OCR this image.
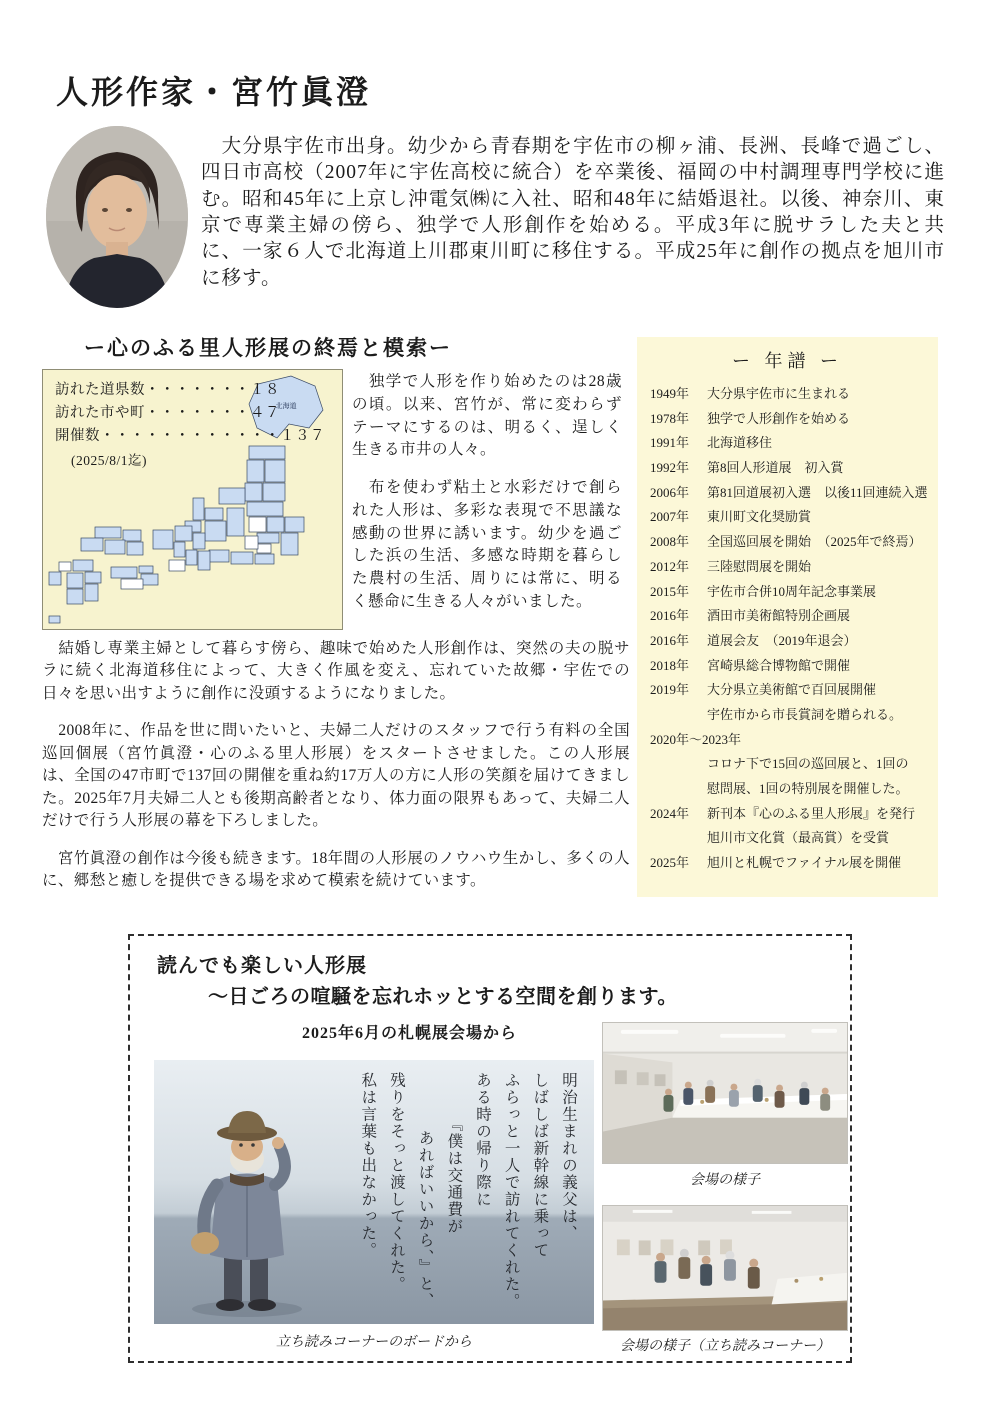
人形作家・宮竹眞澄

　大分県宇佐市出身。幼少から青春期を宇佐市の柳ヶ浦、長洲、長峰で過ごし、四日市高校（2007年に宇佐高校に統合）を卒業後、福岡の中村調理専門学校に進む。昭和45年に上京し沖電気㈱に入社、昭和48年に結婚退社。以後、神奈川、東京で専業主婦の傍ら、独学で人形創作を始める。平成3年に脱サラした夫と共に、一家６人で北海道上川郡東川町に移住する。平成25年に創作の拠点を旭川市に移す。

ー心のふる里人形展の終焉と模索ー
北海道
訪れた道県数・・・・・・・１８
訪れた市や町・・・・・・・４７
開催数・・・・・・・・・・・・１３７
(2025/8/1迄)

　独学で人形を作り始めたのは28歳の頃。以来、宮竹が、常に変わらずテーマにするのは、明るく、逞しく生きる市井の人々。

　布を使わず粘土と水彩だけで創られた人形は、多彩な表現で不思議な感動の世界に誘います。幼少を過ごした浜の生活、多感な時期を暮らした農村の生活、周りには常に、明るく懸命に生きる人々がいました。

ー 年譜 ー
1949年	大分県宇佐市に生まれる
1978年	独学で人形創作を始める
1991年	北海道移住
1992年	第8回人形道展　初入賞
2006年	第81回道展初入選　以後11回連続入選
2007年	東川町文化奨励賞
2008年	全国巡回展を開始　（2025年で終焉）
2012年	三陸慰問展を開始
2015年	宇佐市合併10周年記念事業展
2016年	酒田市美術館特別企画展
2016年	道展会友　（2019年退会）
2018年	宮崎県総合博物館で開催
2019年	大分県立美術館で百回展開催
宇佐市から市長賞詞を贈られる。
2020年～2023年
コロナ下で15回の巡回展と、1回の
慰問展、1回の特別展を開催した。
2024年	新刊本『心のふる里人形展』を発行
旭川市文化賞（最高賞）を受賞
2025年	旭川と札幌でファイナル展を開催

　結婚し専業主婦として暮らす傍ら、趣味で始めた人形創作は、突然の夫の脱サラに続く北海道移住によって、大きく作風を変え、忘れていた故郷・宇佐での日々を思い出すように創作に没頭するようになりました。

　2008年に、作品を世に問いたいと、夫婦二人だけのスタッフで行う有料の全国巡回個展（宮竹眞澄・心のふる里人形展）をスタートさせました。この人形展は、全国の47市町で137回の開催を重ね約17万人の方に人形の笑顔を届けてきました。2025年7月夫婦二人とも後期高齢者となり、体力面の限界もあって、夫婦二人だけで行う人形展の幕を下ろしました。

　宮竹眞澄の創作は今後も続きます。18年間の人形展のノウハウ生かし、多くの人に、郷愁と癒しを提供できる場を求めて模索を続けています。

読んでも楽しい人形展
～日ごろの喧騒を忘れホッとする空間を創ります。
2025年6月の札幌展会場から
明治生まれの義父は、
しばしば新幹線に乗って
ふらっと一人で訪れてくれた。
ある時の帰り際に
『僕は交通費が
あればいいから、』と、
残りをそっと渡してくれた。
私は言葉も出なかった。
立ち読みコーナーのボードから
会場の様子
会場の様子（立ち読みコーナー）
